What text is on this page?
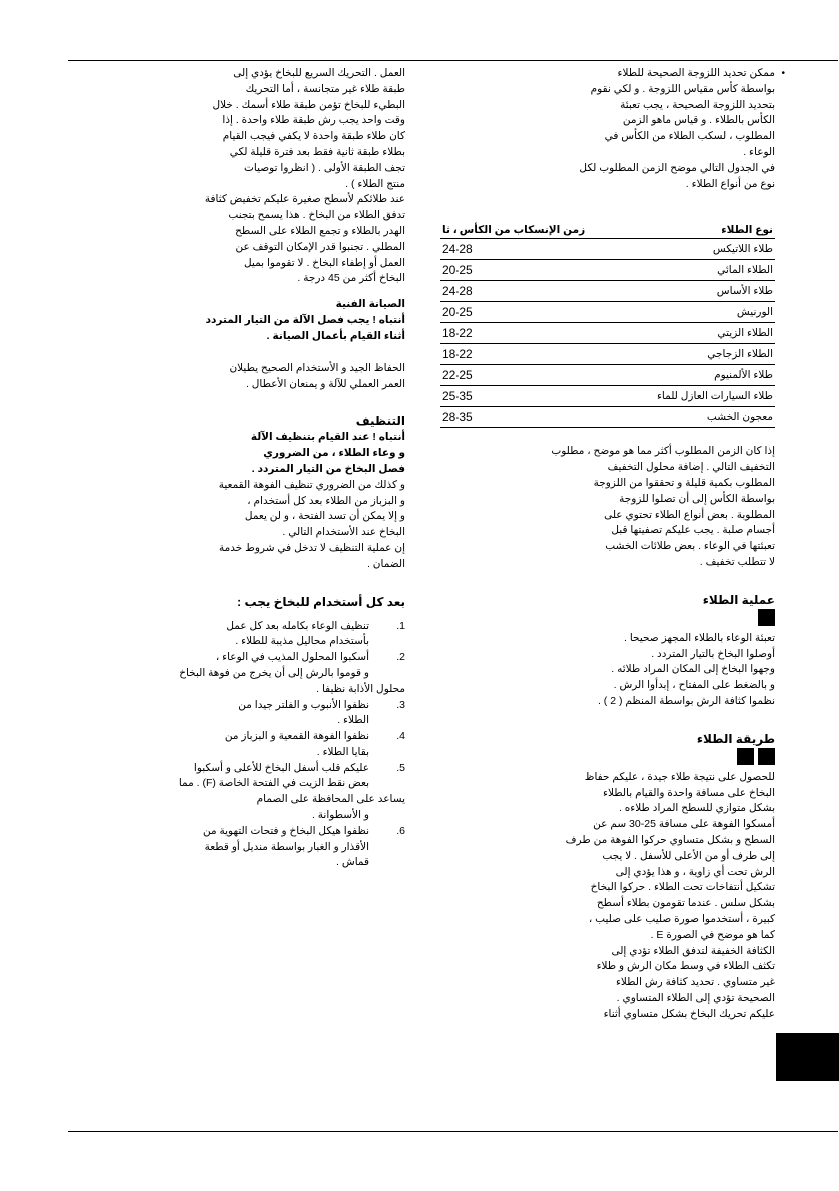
•
ممكن تحديد اللزوجة الصحيحة للطلاء
بواسطة كأس مقياس اللزوجة . و لكي نقوم
بتحديد اللزوجة الصحيحة ، يجب تعبئة
الكأس بالطلاء . و قياس ماهو الزمن
المطلوب ، لسكب الطلاء من الكأس في
الوعاء .
في الجدول التالي موضح الزمن المطلوب لكل
نوع من أنواع الطلاء .
نوع الطلاء	زمن الإنسكاب من الكأس ، ثا
طلاء اللاتيكس	24-28
الطلاء المائي	20-25
طلاء الأساس	24-28
الورنيش	20-25
الطلاء الزيتي	18-22
الطلاء الزجاجي	18-22
طلاء الألمنيوم	22-25
طلاء السيارات العازل للماء	25-35
معجون الخشب	28-35
إذا كان الزمن المطلوب أكثر مما هو موضح ، مطلوب
التخفيف التالي . إضافة محلول التخفيف
المطلوب بكمية قليلة و تحققوا من اللزوجة
بواسطة الكأس إلى أن تصلوا للزوجة
المطلوبة . بعض أنواع الطلاء تحتوي على
أجسام صلبة . يجب عليكم تصفيتها قبل
تعبئتها في الوعاء . بعض طلائات الخشب
لا تتطلب تخفيف .
عملية الطلاء
تعبئة الوعاء بالطلاء المجهز صحيحا .
أوصلوا البخاخ بالتيار المتردد .
وجهوا البخاخ إلى المكان المراد طلائه .
و بالضغط على المفتاح ، إبدأوا الرش .
نظموا كثافة الرش بواسطة المنظم ( 2 ) .
طريقة الطلاء
للحصول على نتيجة طلاء جيدة ، عليكم حفاظ
البخاخ على مسافة واحدة والقيام بالطلاء
بشكل متوازي للسطح المراد طلاءه .
أمسكوا الفوهة على مسافة 25-30 سم عن
السطح و بشكل متساوي حركوا الفوهة من طرف
إلى طرف أو من الأعلى للأسفل . لا يجب
الرش تحت أي زاوية ، و هذا يؤدي إلى
تشكيل أنتفاخات تحت الطلاء . حركوا البخاخ
بشكل سلس . عندما تقومون بطلاء أسطح
كبيرة ، أستخدموا صورة صليب على صليب ،
كما هو موضح في الصورة E .
الكثافة الخفيفة لتدفق الطلاء تؤدي إلى
تكثف الطلاء في وسط مكان الرش و طلاء
غير متساوي . تحديد كثافة رش الطلاء
الصحيحة تؤدي إلى الطلاء المتساوي .
عليكم تحريك البخاخ بشكل متساوي أثناء
العمل . التحريك السريع للبخاخ يؤدي إلى
طبقة طلاء غير متجانسة ، أما التحريك
البطيء للبخاخ تؤمن طبقة طلاء أسمك . خلال
وقت واحد يجب رش طبقة طلاء واحدة . إذا
كان طلاء طبقة واحدة لا يكفي فيجب القيام
بطلاء طبقة ثانية فقط بعد فترة قليلة لكي
تجف الطبقة الأولى . ( انظروا توصيات
منتج الطلاء ) .
عند طلائكم لأسطح صغيرة عليكم تخفيض كثافة
تدفق الطلاء من البخاخ . هذا يسمح بتجنب
الهدر بالطلاء و تجمع الطلاء على السطح
المطلي . تجنبوا قدر الإمكان التوقف عن
العمل أو إطفاء البخاخ . لا تقوموا بميل
البخاخ أكثر من 45 درجة .
الصيانة الفنية
أنتباه ! يجب فصل الآلة من التيار المتردد
أثناء القيام بأعمال الصيانة .
الحفاظ الجيد و الأستخدام الصحيح يطيلان
العمر العملي للآلة و يمنعان الأعطال .
التنظيف
أنتباه ! عند القيام بتنظيف الآلة
و وعاء الطلاء ، من الضروري
فصل البخاخ من التيار المتردد .
و كذلك من الضروري تنظيف الفوهة القمعية
و البزباز من الطلاء بعد كل أستخدام ،
و إلا يمكن أن تسد الفتحة ، و لن يعمل
البخاخ عند الأستخدام التالي .
إن عملية التنظيف لا تدخل في شروط خدمة
الضمان .
بعد كل أستخدام للبخاخ يجب :
1.تنظيف الوعاء بكامله بعد كل عمل
بأستخدام محاليل مذيبة للطلاء .
2.أسكبوا المحلول المذيب في الوعاء ،
و قوموا بالرش إلى أن يخرج من فوهة البخاخ
محلول الأذابة نظيفا .
3.نظفوا الأنبوب و الفلتر جيدا من
الطلاء .
4.نظفوا الفوهة القمعية و البزباز من
بقايا الطلاء .
5.عليكم قلب أسفل البخاخ للأعلى و أسكبوا
بعض نقط الزيت في الفتحة الخاصة (F) . مما
يساعد على المحافظة على الصمام
و الأسطوانة .
6.نظفوا هيكل البخاخ و فتحات التهوية من
الأقذار و الغبار بواسطة منديل أو قطعة
قماش .
